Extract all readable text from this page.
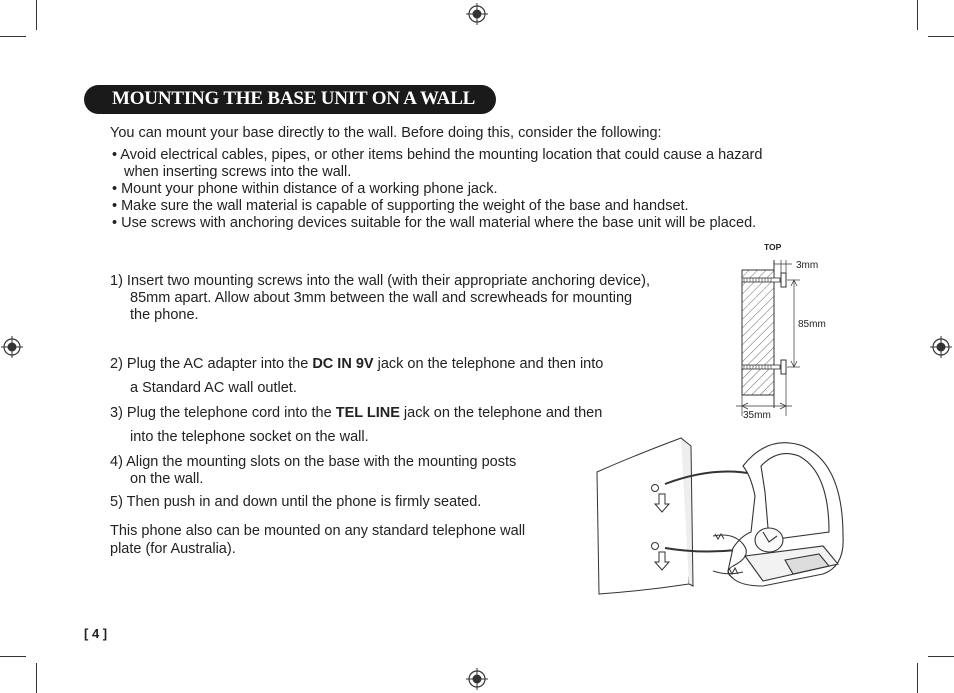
MOUNTING THE BASE UNIT ON A WALL
You can mount your base directly to the wall. Before doing this, consider the following:
• Avoid electrical cables, pipes, or other items behind the mounting location that could cause a hazard
when inserting screws into the wall.
• Mount your phone within distance of a working phone jack.
• Make sure the wall material is capable of supporting the weight of the base and handset.
• Use screws with anchoring devices suitable for the wall material where the base unit will be placed.
1) Insert two mounting screws into the wall (with their appropriate anchoring device),
85mm apart. Allow about 3mm between the wall and screwheads for mounting
the phone.
2) Plug the AC adapter into the DC IN 9V jack on the telephone and then into
a Standard AC wall outlet.
3) Plug the telephone cord into the TEL LINE jack on the telephone and then
into the telephone socket on the wall.
4) Align the mounting slots on the base with the mounting posts
on the wall.
5) Then push in and down until the phone is firmly seated.
This phone also can be mounted on any standard telephone wall
plate (for Australia).
[ 4 ]
TOP
3mm
85mm
35mm
